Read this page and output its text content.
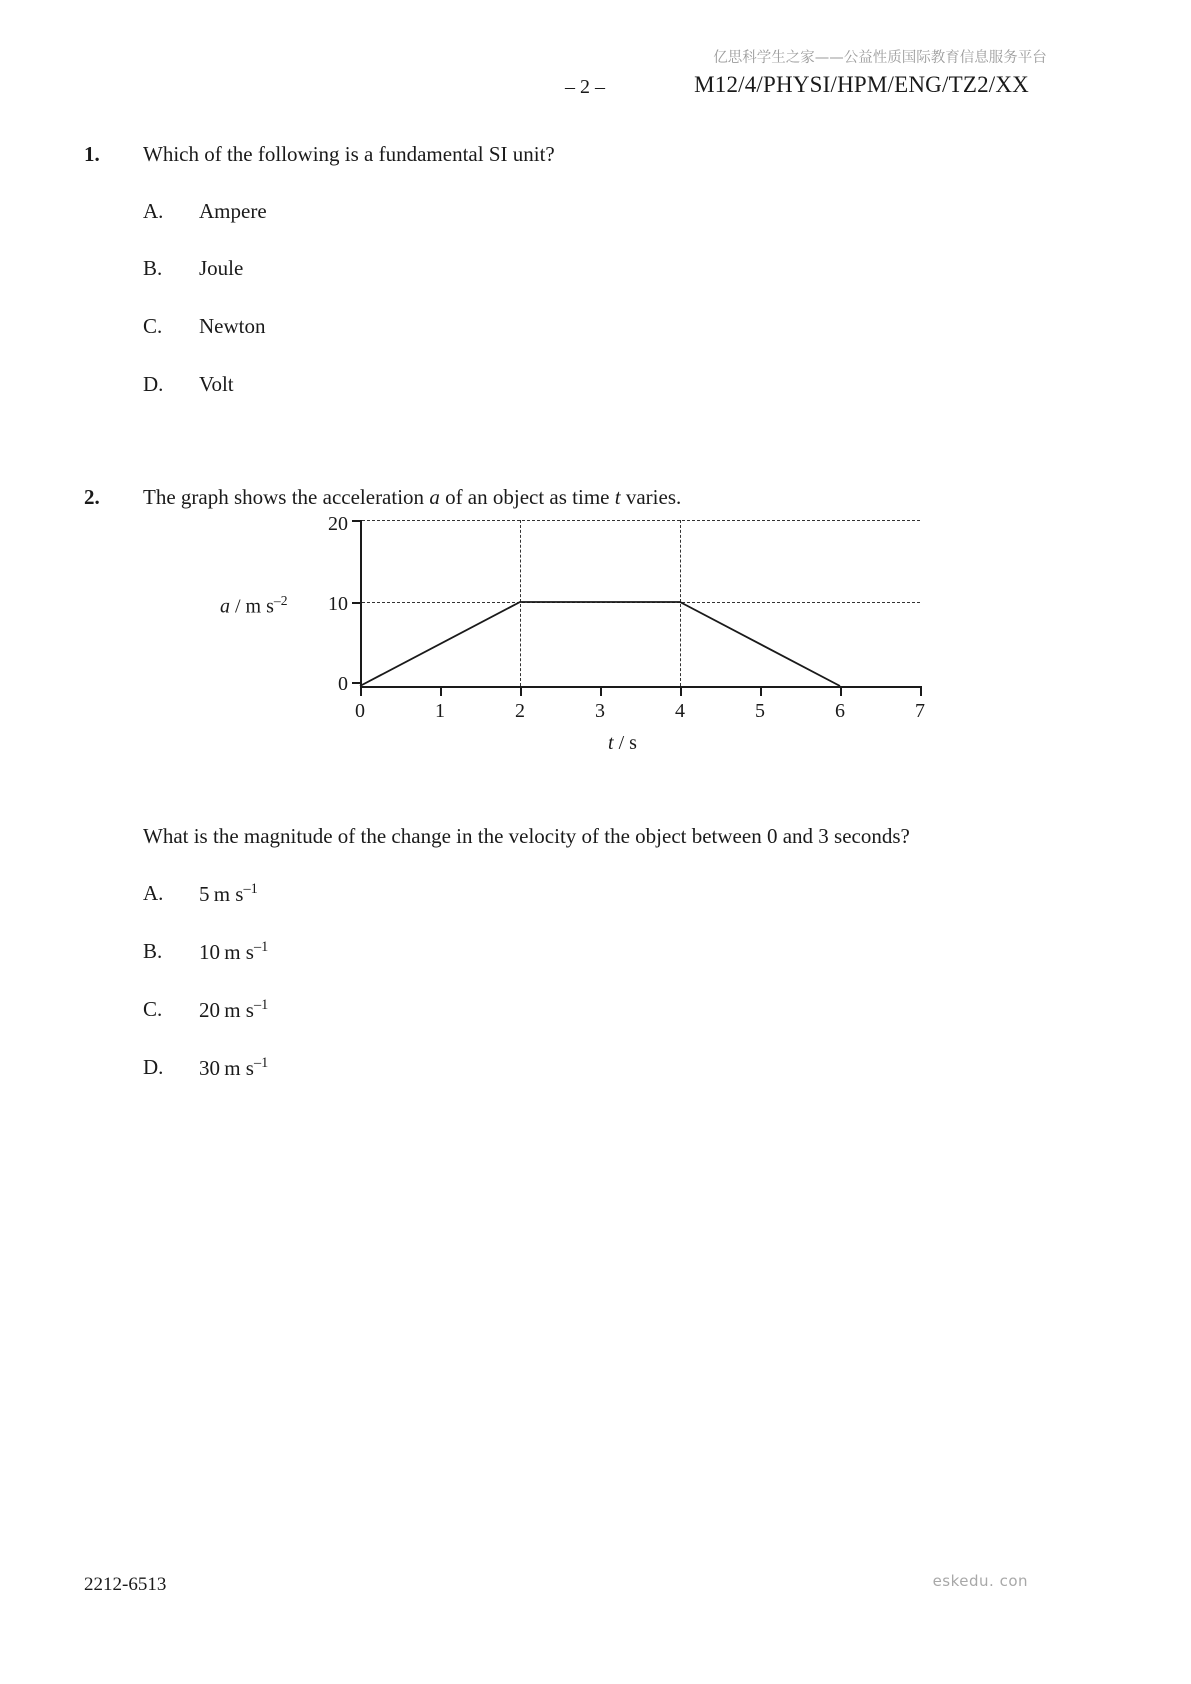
亿思科学生之家——公益性质国际教育信息服务平台
– 2 –	M12/4/PHYSI/HPM/ENG/TZ2/XX
1. Which of the following is a fundamental SI unit?
A. Ampere
B. Joule
C. Newton
D. Volt
2. The graph shows the acceleration a of an object as time t varies.
20
10
0
a / m $s^{-2}$
0	1	2	3	4	5	6	7
t / s
What is the magnitude of the change in the velocity of the object between 0 and 3 seconds?
A. 5  m $s^{-1}$
B. 10  m $s^{-1}$
C. 20  m $s^{-1}$
D. 30  m $s^{-1}$
2212-6513	eskedu. con
